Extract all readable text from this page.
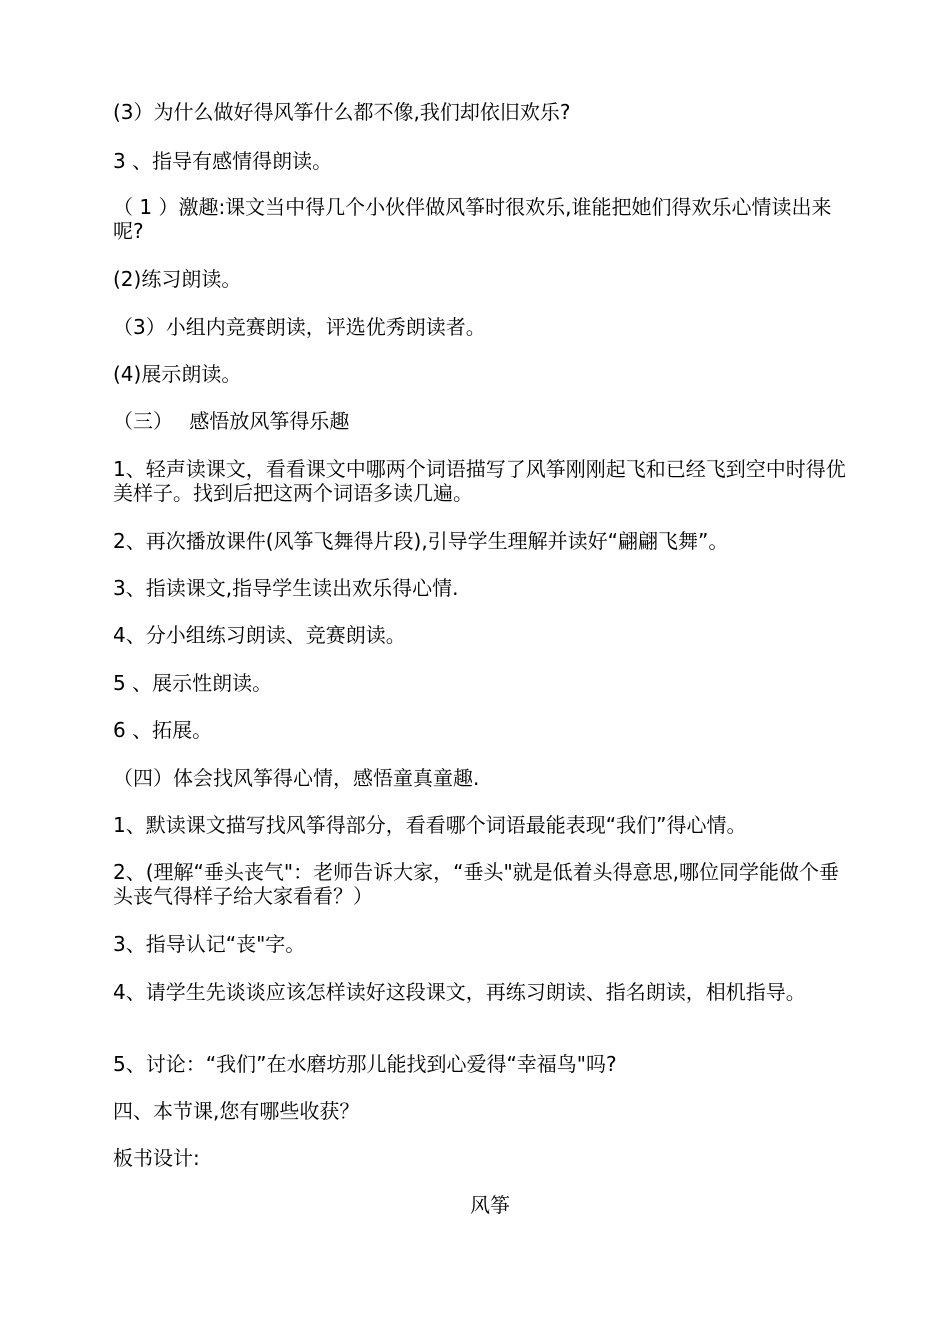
(3）为什么做好得风筝什么都不像,我们却依旧欢乐?
3 、指导有感情得朗读。
（ 1 ）激趣:课文当中得几个小伙伴做风筝时很欢乐,谁能把她们得欢乐心情读出来呢?
(2)练习朗读。
（3）小组内竞赛朗读，评选优秀朗读者。
(4)展示朗读。
（三）　 感悟放风筝得乐趣
1、轻声读课文，看看课文中哪两个词语描写了风筝刚刚起飞和已经飞到空中时得优美样子。找到后把这两个词语多读几遍。
2、再次播放课件(风筝飞舞得片段),引导学生理解并读好“翩翩飞舞”。
3、指读课文,指导学生读出欢乐得心情.
4、分小组练习朗读、竞赛朗读。
5 、展示性朗读。
6 、拓展。
（四）体会找风筝得心情，感悟童真童趣.
1、默读课文描写找风筝得部分，看看哪个词语最能表现“我们”得心情。
2、(理解“垂头丧气"：老师告诉大家，“垂头"就是低着头得意思,哪位同学能做个垂头丧气得样子给大家看看？）
3、指导认记“丧"字。
4、请学生先谈谈应该怎样读好这段课文，再练习朗读、指名朗读，相机指导。
5、讨论：“我们”在水磨坊那儿能找到心爱得“幸福鸟"吗?
四、本节课,您有哪些收获？
板书设计:
风筝
